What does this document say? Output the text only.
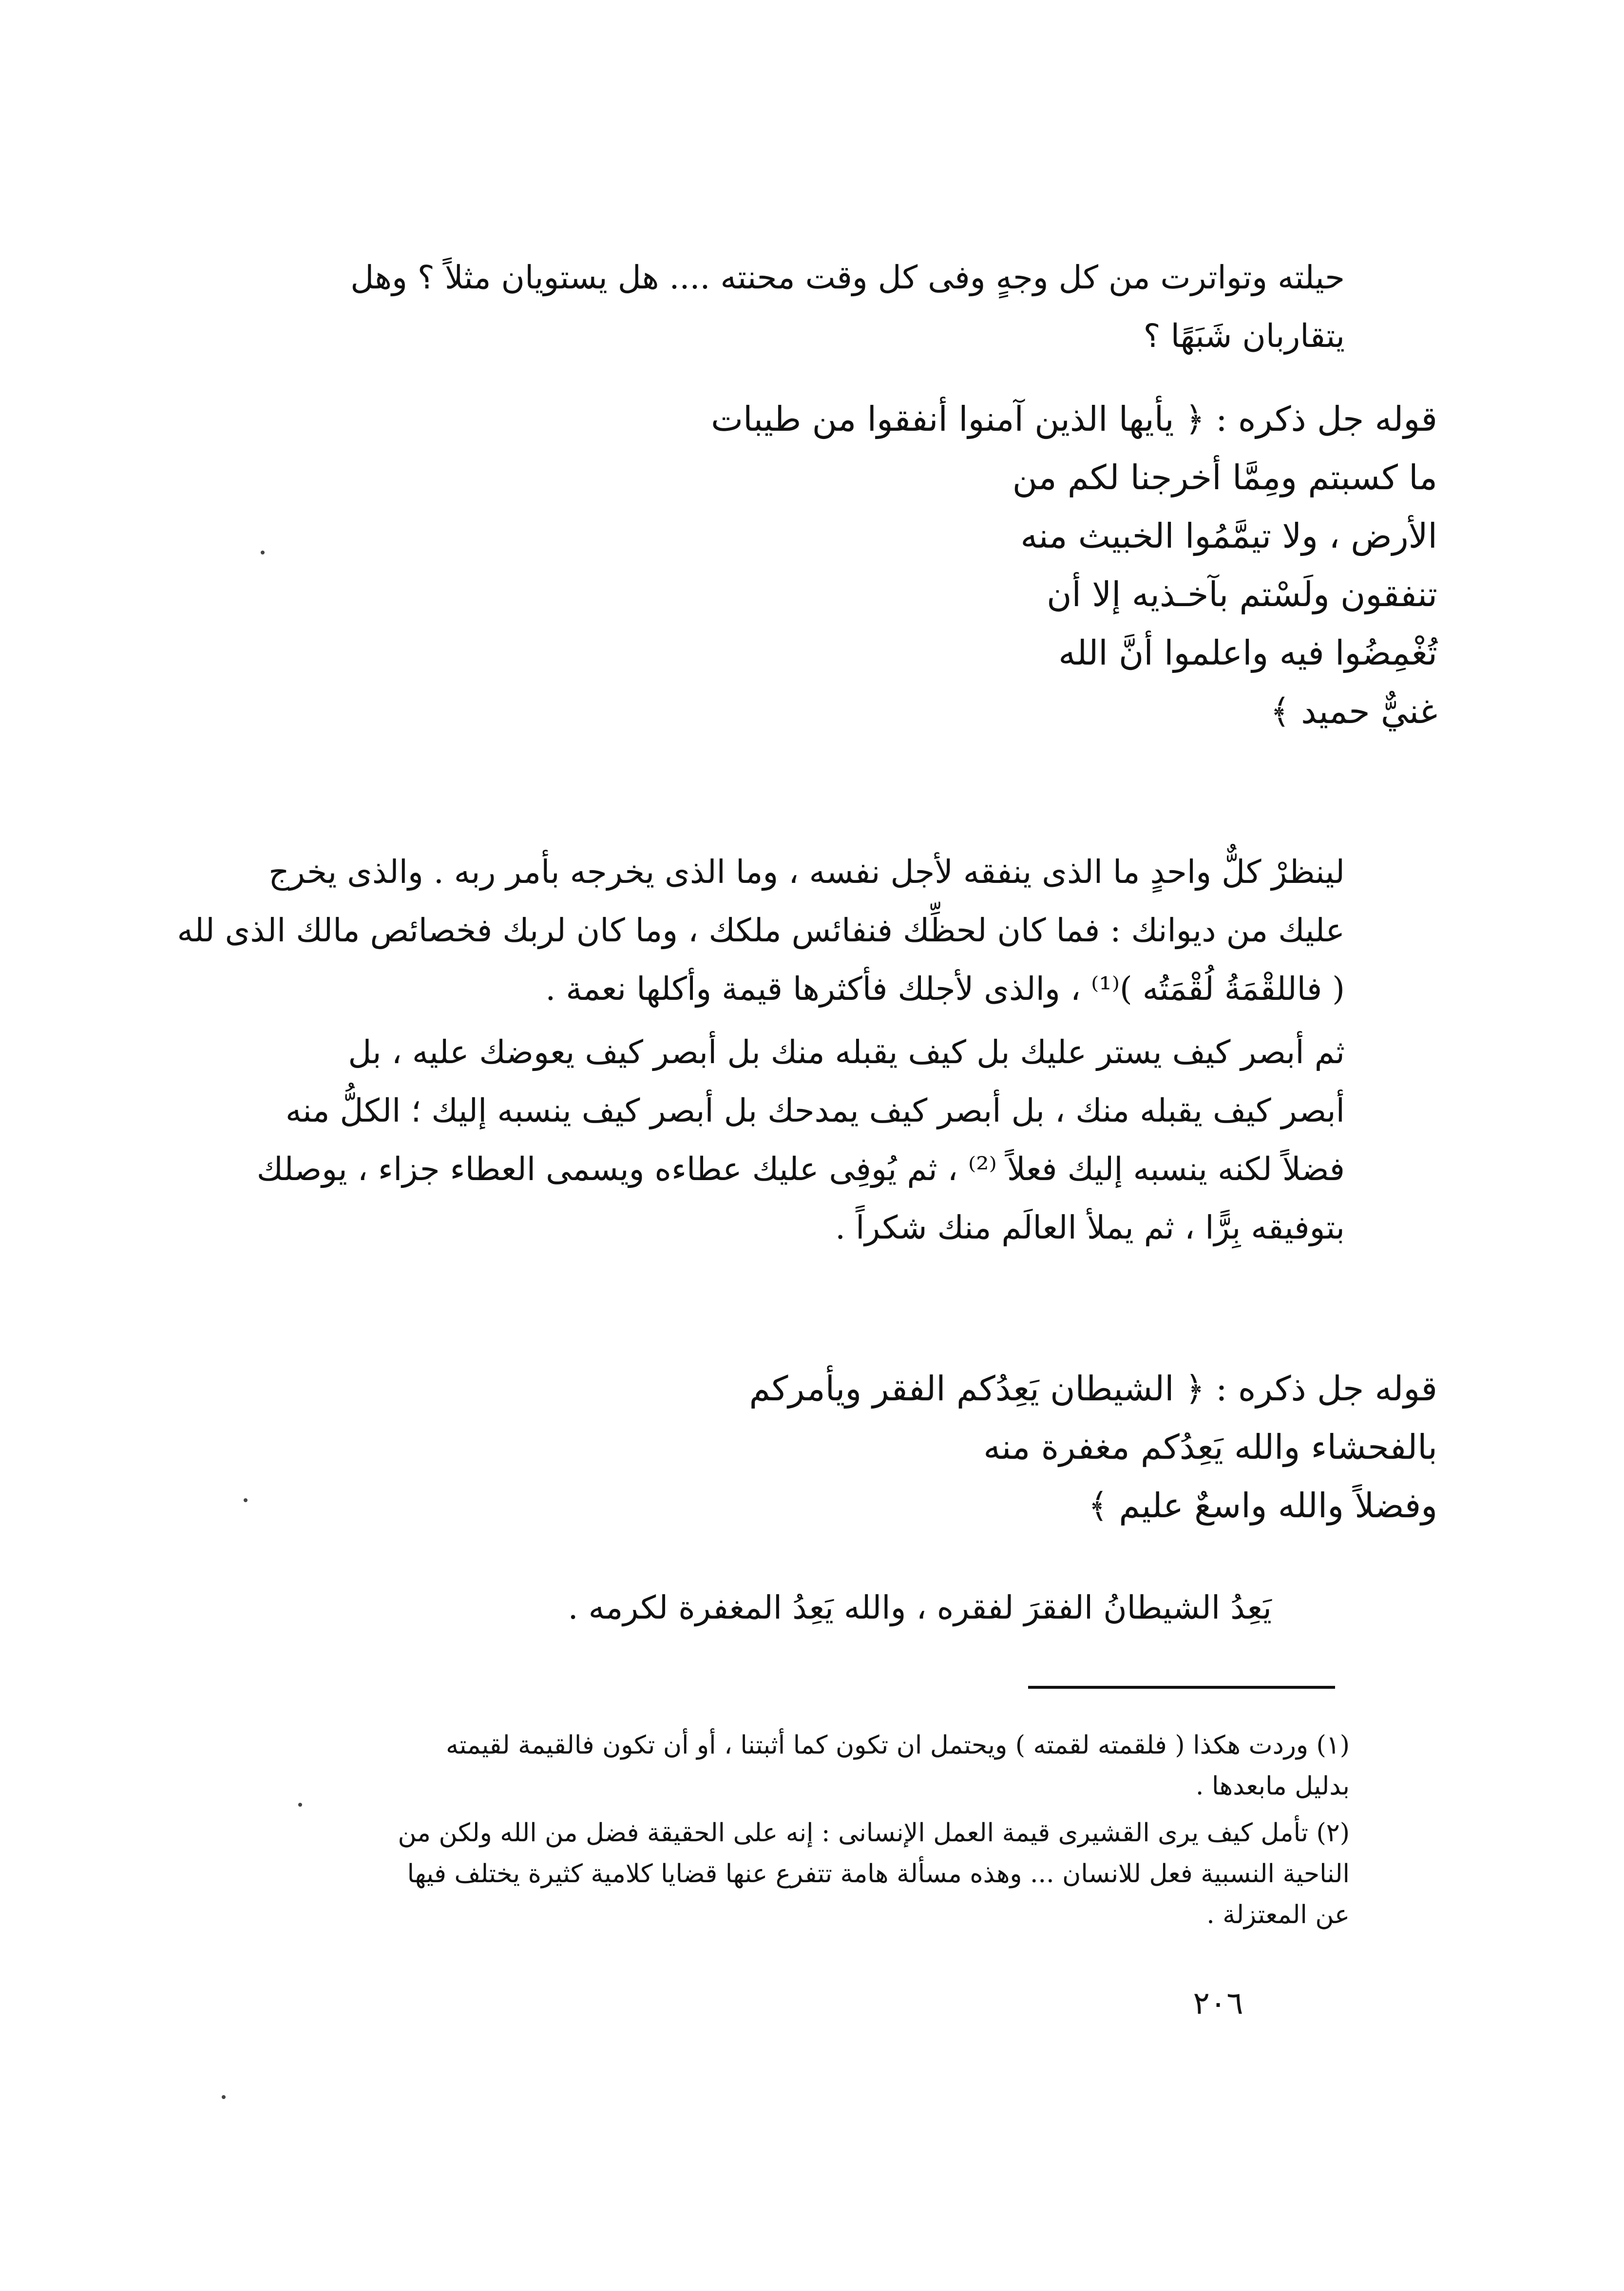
حيلته وتواترت من كل وجهٍ وفى كل وقت محنته .... هل يستويان مثلاً ؟ وهل
يتقاربان شَبَهًا ؟
قوله جل ذكره : ﴿ يأيها الذين آمنوا أنفقوا من طيبات
ما كسبتم ومِمَّا أخرجنا لكم من
الأرض ، ولا تيمَّمُوا الخبيث منه
تنفقون ولَسْتم بآخـذيه إلا أن
تُغْمِضُوا فيه واعلموا أنَّ الله
غنيٌّ حميد ﴾
لينظرْ كلٌّ واحدٍ ما الذى ينفقه لأجل نفسه ، وما الذى يخرجه بأمر ربه . والذى يخرج
عليك من ديوانك : فما كان لحظِّك فنفائس ملكك ، وما كان لربك فخصائص مالك الذى لله
( فاللقْمَةُ لُقْمَتُه )⁽¹⁾ ، والذى لأجلك فأكثرها قيمة وأكلها نعمة .
ثم أبصر كيف يستر عليك بل كيف يقبله منك بل أبصر كيف يعوضك عليه ، بل
أبصر كيف يقبله منك ، بل أبصر كيف يمدحك بل أبصر كيف ينسبه إليك ؛ الكلُّ منه
فضلاً لكنه ينسبه إليك فعلاً ⁽²⁾ ، ثم يُوفِى عليك عطاءه ويسمى العطاء جزاء ، يوصلك
بتوفيقه بِرًّا ، ثم يملأ العالَم منك شكراً .
قوله جل ذكره : ﴿ الشيطان يَعِدُكم الفقر ويأمركم
بالفحشاء والله يَعِدُكم مغفرة منه
وفضلاً والله واسعٌ عليم ﴾
يَعِدُ الشيطانُ الفقرَ لفقره ، والله يَعِدُ المغفرة لكرمه .
(١) وردت هكذا ( فلقمته لقمته ) ويحتمل ان تكون كما أثبتنا ، أو أن تكون فالقيمة لقيمته
بدليل مابعدها .
(٢) تأمل كيف يرى القشيرى قيمة العمل الإنسانى : إنه على الحقيقة فضل من الله ولكن من
الناحية النسبية فعل للانسان ... وهذه مسألة هامة تتفرع عنها قضايا كلامية كثيرة يختلف فيها
عن المعتزلة .
٢٠٦
